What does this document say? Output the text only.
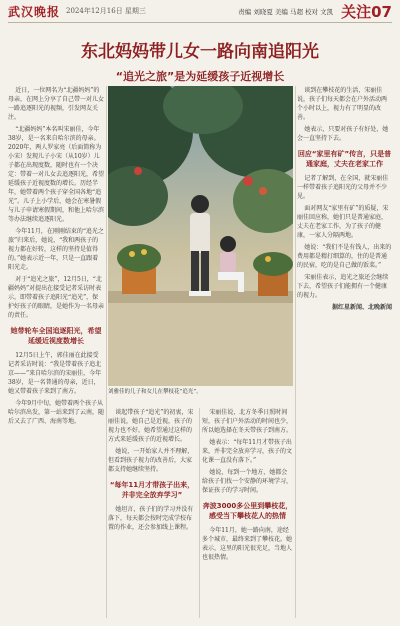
武汉晚报 2024年12月16日 星期三	责编 刘晓夏 美编 马超 校对 文凯 关注07
东北妈妈带儿女一路向南追阳光
“追光之旅”是为延缓孩子近视增长

近日，一位网名为“北疆妈妈”的母亲，在网上分享了自己带一对儿女一路追逐阳光的视频，引发网友关注。

“北疆妈妈”本名叫宋丽佳，今年38岁，是一名来自哈尔滨的母亲。2020年，两人罗家亮（后面简称为小宋）发现儿子小宋（从10岁）儿子都在出现度数，随时也有一个决定：带着一对儿女去追逐阳光，希望延缓孩子近视度数的增长。历经半年，她带着两个孩子穿全国各地“追光”。儿子上小学后，她会在寒暑假与儿子申请寒假期间，和他上哈尔滨等办法继续追逐阳光。

今年11月，在刚刚结束的“追光之旅”归来后，她说，“我和两孩子的视力都在好转，这样的坚持是值得的。”她表示近一年，只是一直跟着阳光走。

对于“追光之旅”，12月5日，“北疆妈妈”对提出在接受记者采访时表示，即带着孩子追阳光“追光”，保护好孩子的眼睛，是她作为一名母亲的责任。

她带轮车全国追逐阳光，希望延缓近视度数增长

12月5日上午，郭佳丽在此接受记者采访时说：“我是带着孩子追北京——”来自哈尔滨的宋丽佳，今年38岁，是一名普通的母亲，近日，她又带着孩子来到了南方。

今年9月中旬，她带着两个孩子从哈尔滨出发，第一站来到了云南，随后又去了广西、海南等地。

刘雅佳的儿子和女儿在攀枝花“追光”。

谈起带孩子“追光”的初衷，宋丽佳说，她自己是近视，孩子的视力也不好，她希望通过这样的方式来延缓孩子的近视增长。

她说，一开始家人并不理解，但看到孩子视力的改善后，大家都支持她继续坚持。

“每年11月才带孩子出来，并非完全放弃学习”

她坦言，孩子们的学习并没有落下，每天都会按时完成学校布置的作业，还会参加线上课程。

宋丽佳说，北方冬季日照时间短，孩子们户外活动的时间也少，所以她选择在冬天带孩子到南方。

她表示：“每年11月才带孩子出来，并非完全放弃学习，孩子的文化课一直没有落下。”

她说，每到一个地方，她都会给孩子们找一个安静的环境学习，保证孩子的学习时间。

奔波3000多公里到攀枝花，感受当下攀枝花人的热情

今年11月，她一路向南，途经多个城市，最终来到了攀枝花。她表示，这里的阳光很充足，当地人也很热情。

谈到在攀枝花的生活，宋丽佳说，孩子们每天都会在户外活动两个小时以上，视力有了明显的改善。

她表示，只要对孩子有好处，她会一直坚持下去。

回应“家里有矿”传言，只是普通家庭，丈夫在老家工作

记者了解到，在全国，就宋丽佳一样带着孩子追阳光的父母并不少见。

面对网友“家里有矿”的质疑，宋丽佳回应称，她们只是普通家庭，丈夫在老家工作，为了孩子的健康，一家人分隔两地。

她说：“我们不是有钱人，出来的费用都是精打细算的，住的是普通的民宿，吃的是自己做的饭菜。”

宋丽佳表示，追光之旅还会继续下去，希望孩子们能拥有一个健康的视力。

据红星新闻、北晚新闻
